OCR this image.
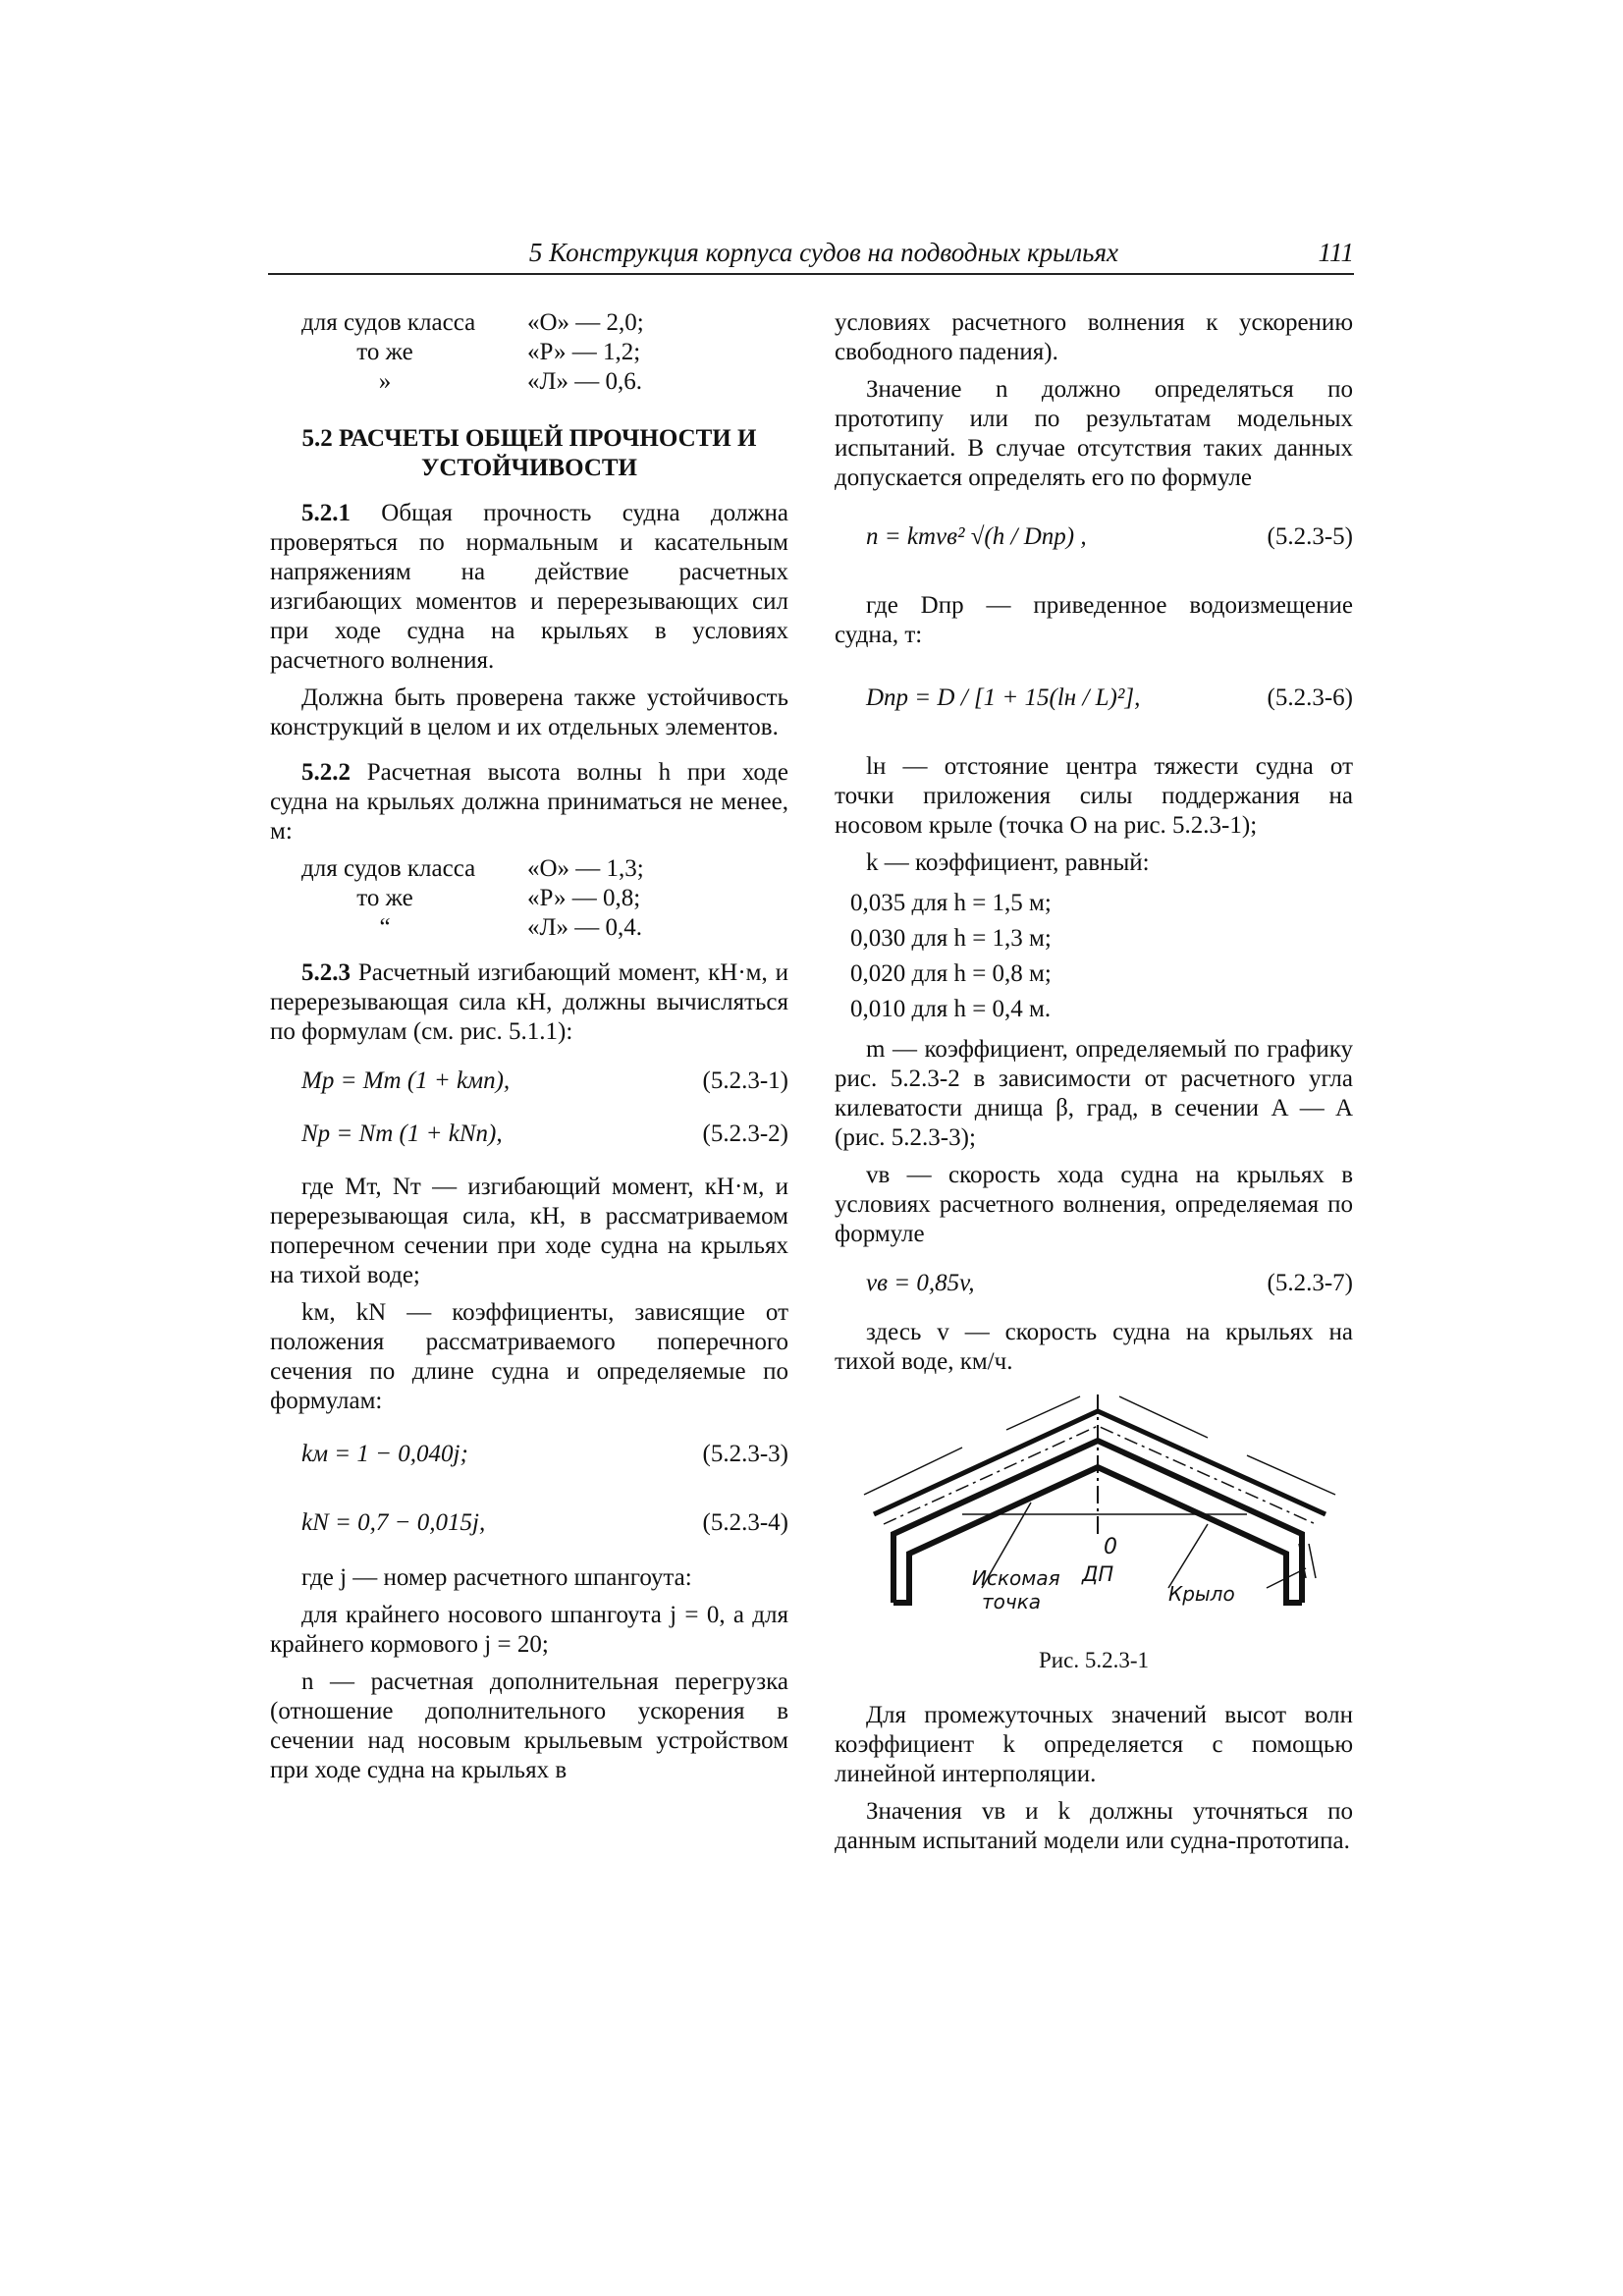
5 Конструкция корпуса судов на подводных крыльях	111
для судов класса	«О» — 2,0;
то же	«Р» — 1,2;
»	«Л» — 0,6.
5.2 РАСЧЕТЫ ОБЩЕЙ ПРОЧНОСТИ И УСТОЙЧИВОСТИ

5.2.1 Общая прочность судна должна проверяться по нормальным и касательным напряжениям на действие расчетных изгибающих моментов и перерезывающих сил при ходе судна на крыльях в условиях расчетного волнения.

Должна быть проверена также устойчивость конструкций в целом и их отдельных элементов.

5.2.2 Расчетная высота волны h при ходе судна на крыльях должна приниматься не менее, м:

для судов класса	«О» — 1,3;
то же	«Р» — 0,8;
“	«Л» — 0,4.

5.2.3 Расчетный изгибающий момент, кН·м, и перерезывающая сила кН, должны вычисляться по формулам (см. рис. 5.1.1):

Mр = Mт (1 + kмn),	(5.2.3-1)
Nр = Nт (1 + kNn),	(5.2.3-2)

где Mт, Nт — изгибающий момент, кН·м, и перерезывающая сила, кН, в рассматриваемом поперечном сечении при ходе судна на крыльях на тихой воде;

kм, kN — коэффициенты, зависящие от положения рассматриваемого поперечного сечения по длине судна и определяемые по формулам:

kм = 1 − 0,040j;	(5.2.3-3)
kN = 0,7 − 0,015j,	(5.2.3-4)

где j — номер расчетного шпангоута:

для крайнего носового шпангоута j = 0, а для крайнего кормового j = 20;

n — расчетная дополнительная перегрузка (отношение дополнительного ускорения в сечении над носовым крыльевым устройством при ходе судна на крыльях в

условиях расчетного волнения к ускорению свободного падения).

Значение n должно определяться по прототипу или по результатам модельных испытаний. В случае отсутствия таких данных допускается определять его по формуле

n = kmvв² √(h / Dпр) ,	(5.2.3-5)

где Dпр — приведенное водоизмещение судна, т:

Dпр = D / [1 + 15(lн / L)²],	(5.2.3-6)

lн — отстояние центра тяжести судна от точки приложения силы поддержания на носовом крыле (точка О на рис. 5.2.3-1);

k — коэффициент, равный:

0,035 для h = 1,5 м;
0,030 для h = 1,3 м;
0,020 для h = 0,8 м;
0,010 для h = 0,4 м.

m — коэффициент, определяемый по графику рис. 5.2.3-2 в зависимости от расчетного угла килеватости днища β, град, в сечении A — A (рис. 5.2.3-3);

vв — скорость хода судна на крыльях в условиях расчетного волнения, определяемая по формуле

vв = 0,85v,	(5.2.3-7)

здесь v — скорость судна на крыльях на тихой воде, км/ч.

0
ДП
Искомая
точка	Крыло
Рис. 5.2.3-1

Для промежуточных значений высот волн коэффициент k определяется с помощью линейной интерполяции.

Значения vв и k должны уточняться по данным испытаний модели или судна-прототипа.
